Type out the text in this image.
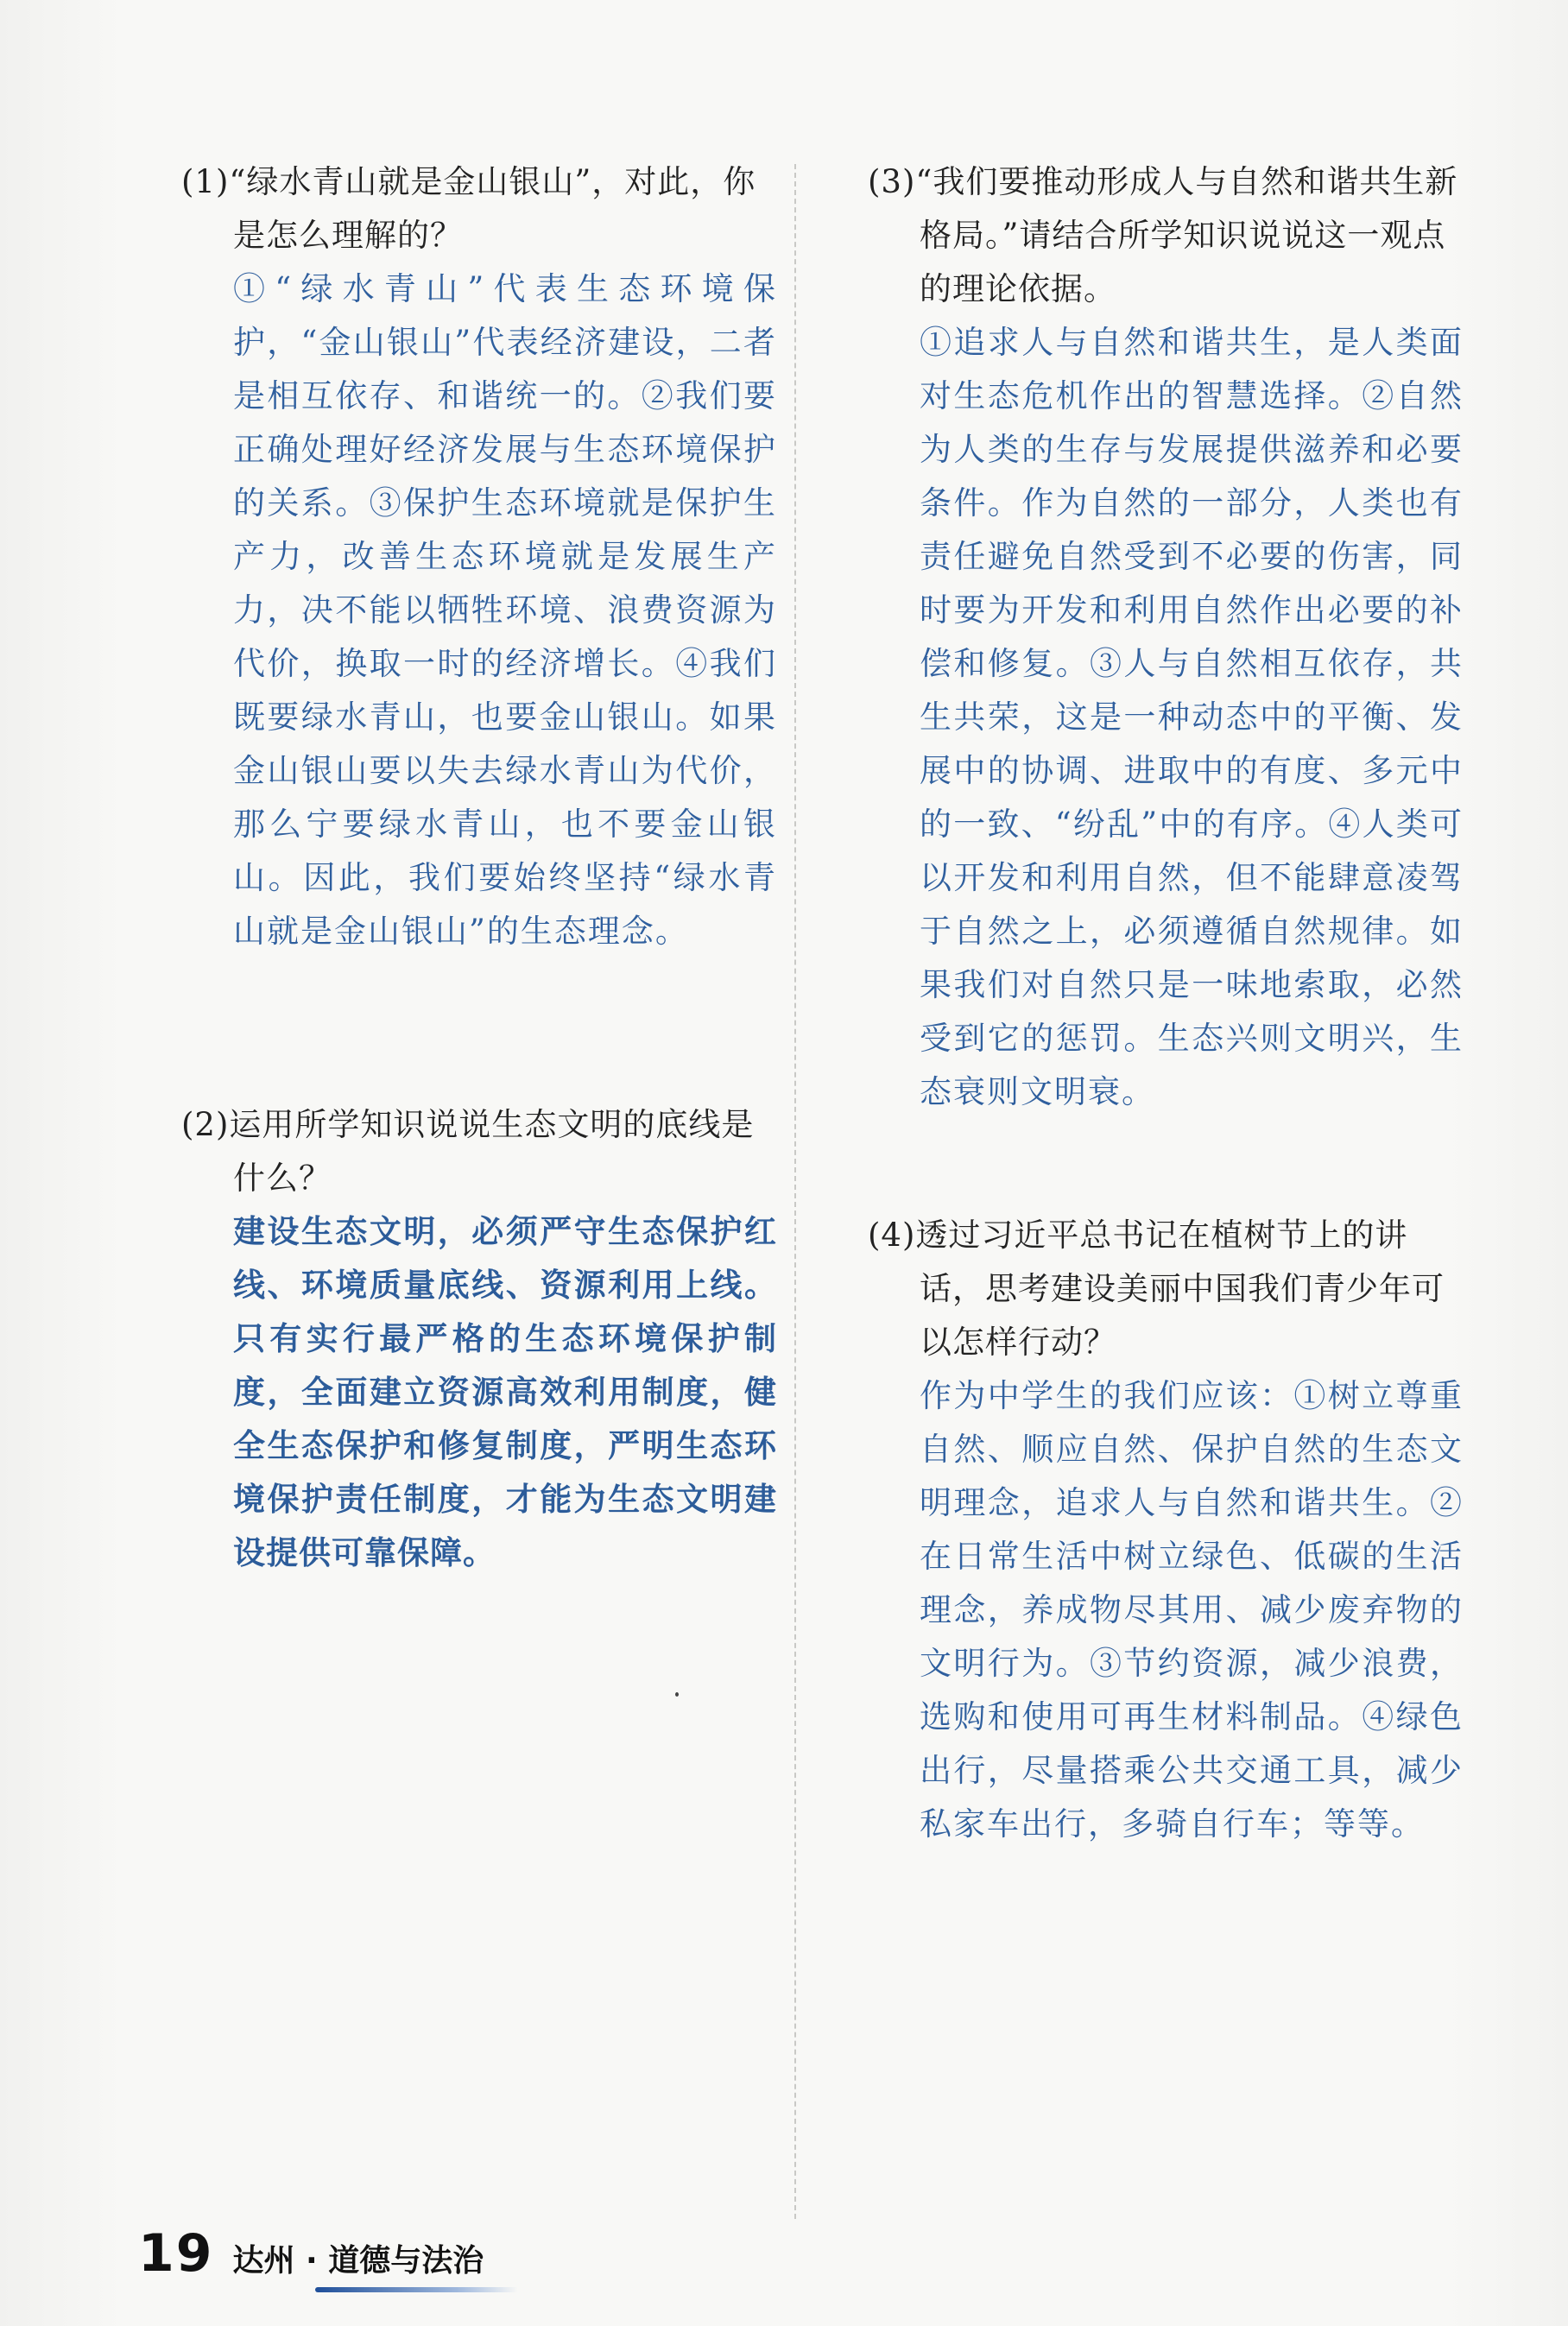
(1)“绿水青山就是金山银山”，对此，你是怎么理解的？

①“绿水青山”代表生态环境保护，“金山银山”代表经济建设，二者是相互依存、和谐统一的。②我们要正确处理好经济发展与生态环境保护的关系。③保护生态环境就是保护生产力，改善生态环境就是发展生产力，决不能以牺牲环境、浪费资源为代价，换取一时的经济增长。④我们既要绿水青山，也要金山银山。如果金山银山要以失去绿水青山为代价，那么宁要绿水青山，也不要金山银山。因此，我们要始终坚持“绿水青山就是金山银山”的生态理念。

(2)运用所学知识说说生态文明的底线是什么？

建设生态文明，必须严守生态保护红线、环境质量底线、资源利用上线。只有实行最严格的生态环境保护制度，全面建立资源高效利用制度，健全生态保护和修复制度，严明生态环境保护责任制度，才能为生态文明建设提供可靠保障。

(3)“我们要推动形成人与自然和谐共生新格局。”请结合所学知识说说这一观点的理论依据。

①追求人与自然和谐共生，是人类面对生态危机作出的智慧选择。②自然为人类的生存与发展提供滋养和必要条件。作为自然的一部分，人类也有责任避免自然受到不必要的伤害，同时要为开发和利用自然作出必要的补偿和修复。③人与自然相互依存，共生共荣，这是一种动态中的平衡、发展中的协调、进取中的有度、多元中的一致、“纷乱”中的有序。④人类可以开发和利用自然，但不能肆意凌驾于自然之上，必须遵循自然规律。如果我们对自然只是一味地索取，必然受到它的惩罚。生态兴则文明兴，生态衰则文明衰。

(4)透过习近平总书记在植树节上的讲话，思考建设美丽中国我们青少年可以怎样行动？

作为中学生的我们应该：①树立尊重自然、顺应自然、保护自然的生态文明理念，追求人与自然和谐共生。②在日常生活中树立绿色、低碳的生活理念，养成物尽其用、减少废弃物的文明行为。③节约资源，减少浪费，选购和使用可再生材料制品。④绿色出行，尽量搭乘公共交通工具，减少私家车出行，多骑自行车；等等。

19 达州 · 道德与法治
